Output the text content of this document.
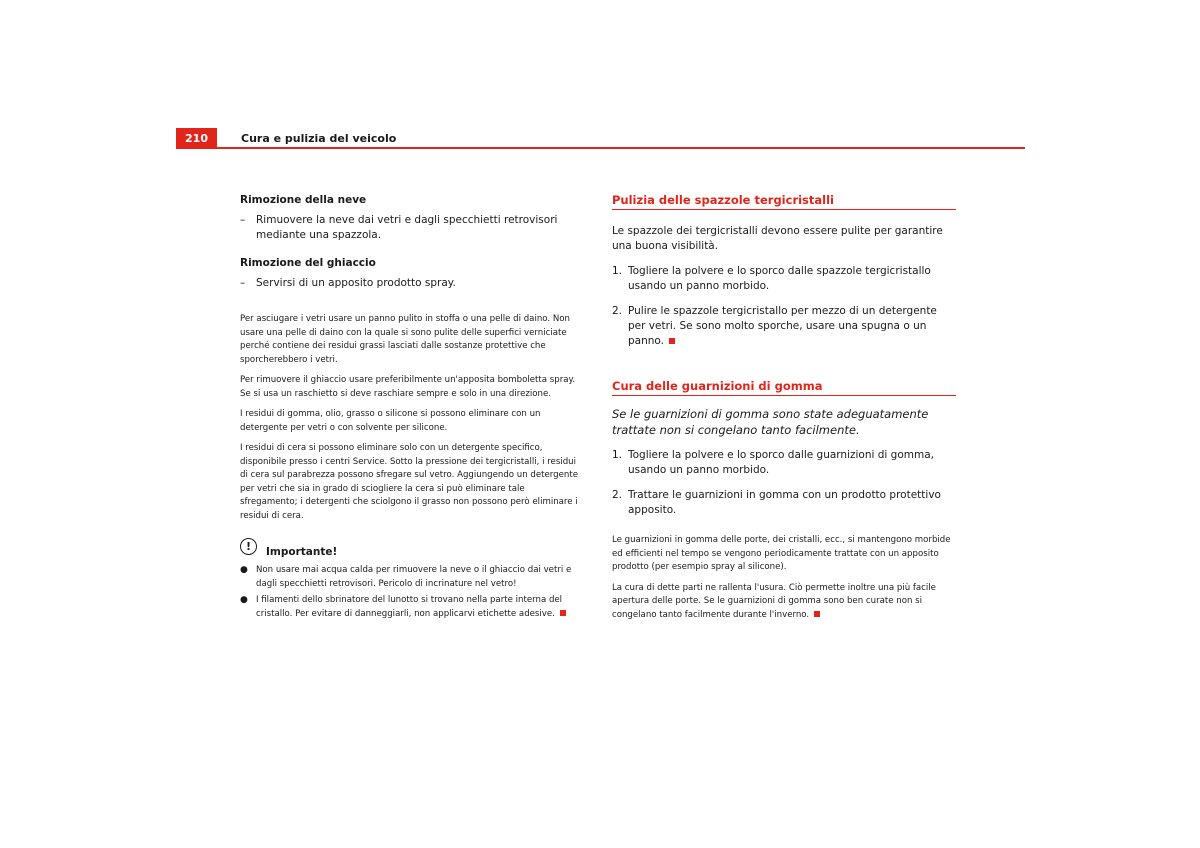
210	Cura e pulizia del veicolo
Rimozione della neve
– Rimuovere la neve dai vetri e dagli specchietti retrovisori mediante una spazzola.
Rimozione del ghiaccio
– Servirsi di un apposito prodotto spray.

Per asciugare i vetri usare un panno pulito in stoffa o una pelle di daino. Non usare una pelle di daino con la quale si sono pulite delle superfici verniciate perché contiene dei residui grassi lasciati dalle sostanze protettive che sporcherebbero i vetri.

Per rimuovere il ghiaccio usare preferibilmente un'apposita bomboletta spray. Se si usa un raschietto si deve raschiare sempre e solo in una direzione.

I residui di gomma, olio, grasso o silicone si possono eliminare con un detergente per vetri o con solvente per silicone.

I residui di cera si possono eliminare solo con un detergente specifico, disponibile presso i centri Service. Sotto la pressione dei tergicristalli, i residui di cera sul parabrezza possono sfregare sul vetro. Aggiungendo un detergente per vetri che sia in grado di sciogliere la cera si può eliminare tale sfregamento; i detergenti che sciolgono il grasso non possono però eliminare i residui di cera.

!	Importante!
● Non usare mai acqua calda per rimuovere la neve o il ghiaccio dai vetri e dagli specchietti retrovisori. Pericolo di incrinature nel vetro!
● I filamenti dello sbrinatore del lunotto si trovano nella parte interna del cristallo. Per evitare di danneggiarli, non applicarvi etichette adesive.
Pulizia delle spazzole tergicristalli

Le spazzole dei tergicristalli devono essere pulite per garantire una buona visibilità.

1. Togliere la polvere e lo sporco dalle spazzole tergicristallo usando un panno morbido.
2. Pulire le spazzole tergicristallo per mezzo di un detergente per vetri. Se sono molto sporche, usare una spugna o un panno.
Cura delle guarnizioni di gomma

Se le guarnizioni di gomma sono state adeguatamente trattate non si congelano tanto facilmente.

1. Togliere la polvere e lo sporco dalle guarnizioni di gomma, usando un panno morbido.
2. Trattare le guarnizioni in gomma con un prodotto protettivo apposito.

Le guarnizioni in gomma delle porte, dei cristalli, ecc., si mantengono morbide ed efficienti nel tempo se vengono periodicamente trattate con un apposito prodotto (per esempio spray al silicone).

La cura di dette parti ne rallenta l'usura. Ciò permette inoltre una più facile apertura delle porte. Se le guarnizioni di gomma sono ben curate non si congelano tanto facilmente durante l'inverno.
